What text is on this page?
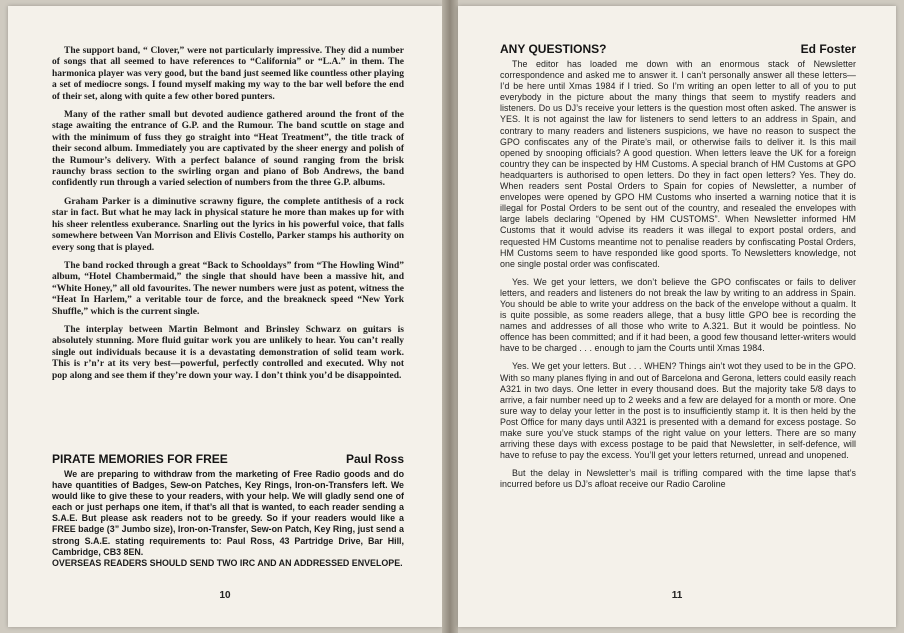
The support band, “ Clover,” were not particularly impressive. They did a number of songs that all seemed to have references to “California” or “L.A.” in them. The harmonica player was very good, but the band just seemed like countless other playing a set of mediocre songs. I found myself making my way to the bar well before the end of their set, along with quite a few other bored punters.

Many of the rather small but devoted audience gathered around the front of the stage awaiting the entrance of G.P. and the Rumour. The band scuttle on stage and with the minimum of fuss they go straight into “Heat Treatment”, the title track of their second album. Immediately you are captivated by the sheer energy and polish of the Rumour’s delivery. With a perfect balance of sound ranging from the brisk raunchy brass section to the swirling organ and piano of Bob Andrews, the band confidently run through a varied selection of numbers from the three G.P. albums.

Graham Parker is a diminutive scrawny figure, the complete antithesis of a rock star in fact. But what he may lack in physical stature he more than makes up for with his sheer relentless exuberance. Snarling out the lyrics in his powerful voice, that falls somewhere between Van Morrison and Elivis Costello, Parker stamps his authority on every song that is played.

The band rocked through a great “Back to Schooldays” from “The Howling Wind” album, “Hotel Chambermaid,” the single that should have been a massive hit, and “White Honey,” all old favourites. The newer numbers were just as potent, witness the “Heat In Harlem,” a veritable tour de force, and the breakneck speed “New York Shuffle,” which is the current single.

The interplay between Martin Belmont and Brinsley Schwarz on guitars is absolutely stunning. More fluid guitar work you are unlikely to hear. You can’t really single out individuals because it is a devastating demonstration of solid team work. This is r’n’r at its very best—powerful, perfectly controlled and executed. Why not pop along and see them if they’re down your way. I don’t think you’d be disappointed.

PIRATE MEMORIES FOR FREE	Paul Ross

We are preparing to withdraw from the marketing of Free Radio goods and do have quantities of Badges, Sew-on Patches, Key Rings, Iron-on-Transfers left. We would like to give these to your readers, with your help. We will gladly send one of each or just perhaps one item, if that’s all that is wanted, to each reader sending a S.A.E. But please ask readers not to be greedy. So if your readers would like a FREE badge (3” Jumbo size), Iron-on-Transfer, Sew-on Patch, Key Ring, just send a strong S.A.E. stating requirements to: Paul Ross, 43 Partridge Drive, Bar Hill, Cambridge, CB3 8EN.

OVERSEAS READERS SHOULD SEND TWO IRC AND AN ADDRESSED ENVELOPE.

10
ANY QUESTIONS?	Ed Foster

The editor has loaded me down with an enormous stack of Newsletter correspondence and asked me to answer it. I can’t personally answer all these letters—I’d be here until Xmas 1984 if I tried. So I’m writing an open letter to all of you to put everybody in the picture about the many things that seem to mystify readers and listeners. Do us DJ’s receive your letters is the question most often asked. The answer is YES. It is not against the law for listeners to send letters to an address in Spain, and contrary to many readers and listeners suspicions, we have no reason to suspect the GPO confiscates any of the Pirate’s mail, or otherwise fails to deliver it. Is this mail opened by snooping officials? A good question. When letters leave the UK for a foreign country they can be inspected by HM Customs. A special branch of HM Customs at GPO headquarters is authorised to open letters. Do they in fact open letters? Yes. They do. When readers sent Postal Orders to Spain for copies of Newsletter, a number of envelopes were opened by GPO HM Customs who inserted a warning notice that it is illegal for Postal Orders to be sent out of the country, and resealed the envelopes with large labels declaring “Opened by HM CUSTOMS”. When Newsletter informed HM Customs that it would advise its readers it was illegal to export postal orders, and requested HM Customs meantime not to penalise readers by confiscating Postal Orders, HM Customs seem to have responded like good sports. To Newsletters knowledge, not one single postal order was confiscated.

Yes. We get your letters, we don’t believe the GPO confiscates or fails to deliver letters, and readers and listeners do not break the law by writing to an address in Spain. You should be able to write your address on the back of the envelope without a qualm. It is quite possible, as some readers allege, that a busy little GPO bee is recording the names and addresses of all those who write to A.321. But it would be pointless. No offence has been committed; and if it had been, a good few thousand letter-writers would have to be charged . . . enough to jam the Courts until Xmas 1984.

Yes. We get your letters. But . . . WHEN? Things ain’t wot they used to be in the GPO. With so many planes flying in and out of Barcelona and Gerona, letters could easily reach A321 in two days. One letter in every thousand does. But the majority take 5/8 days to arrive, a fair number need up to 2 weeks and a few are delayed for a month or more. One sure way to delay your letter in the post is to insufficiently stamp it. It is then held by the Post Office for many days until A321 is presented with a demand for excess postage. So make sure you’ve stuck stamps of the right value on your letters. There are so many arriving these days with excess postage to be paid that Newsletter, in self-defence, will have to refuse to pay the excess. You’ll get your letters returned, unread and unopened.

But the delay in Newsletter’s mail is trifling compared with the time lapse that’s incurred before us DJ’s afloat receive our Radio Caroline

11
